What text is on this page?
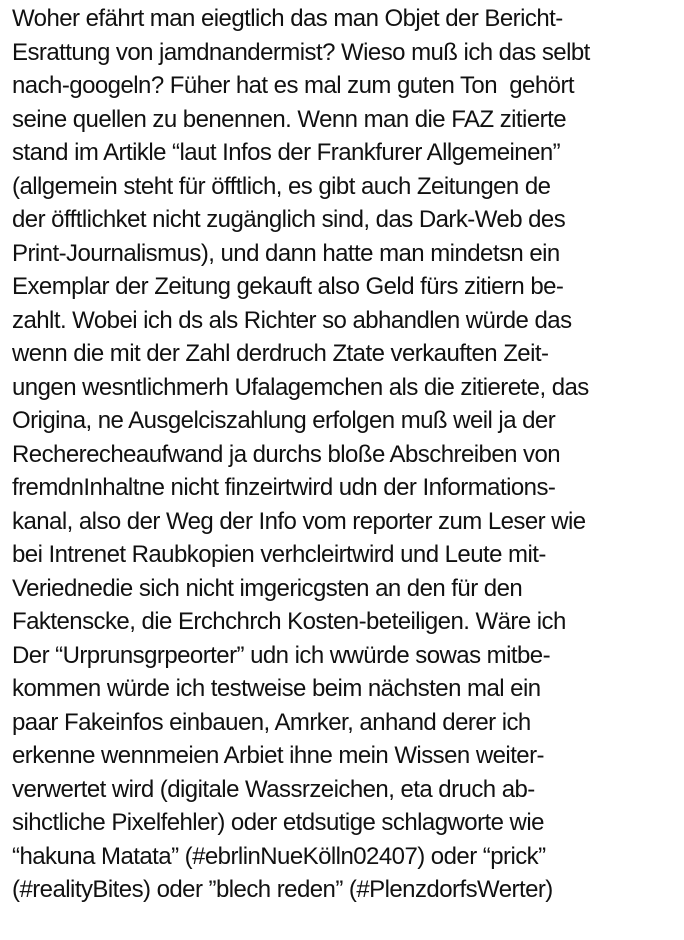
Woher efährt man eiegtlich das man Objet der Bericht-
Esrattung von jamdnandermist? Wieso muß ich das selbt
nach-googeln? Füher hat es mal zum guten Ton  gehört
seine quellen zu benennen. Wenn man die FAZ zitierte
stand im Artikle “laut Infos der Frankfurer Allgemeinen”
(allgemein steht für öfftlich, es gibt auch Zeitungen de
der öfftlichket nicht zugänglich sind, das Dark-Web des
Print-Journalismus), und dann hatte man mindetsn ein
Exemplar der Zeitung gekauft also Geld fürs zitiern be-
zahlt. Wobei ich ds als Richter so abhandlen würde das
wenn die mit der Zahl derdruch Ztate verkauften Zeit-
ungen wesntlichmerh Ufalagemchen als die zitierete, das
Origina, ne Ausgelciszahlung erfolgen muß weil ja der
Recherecheaufwand ja durchs bloße Abschreiben von
fremdnInhaltne nicht finzeirtwird udn der Informations-
kanal, also der Weg der Info vom reporter zum Leser wie
bei Intrenet Raubkopien verhcleirtwird und Leute mit-
Veriednedie sich nicht imgericgsten an den für den
Faktenscke, die Erchchrch Kosten-beteiligen. Wäre ich
Der “Urprunsgrpeorter” udn ich wwürde sowas mitbe-
kommen würde ich testweise beim nächsten mal ein
paar Fakeinfos einbauen, Amrker, anhand derer ich
erkenne wennmeien Arbiet ihne mein Wissen weiter-
verwertet wird (digitale Wassrzeichen, eta druch ab-
sihctliche Pixelfehler) oder etdsutige schlagworte wie
“hakuna Matata” (#ebrlinNueKölln02407) oder “prick”
(#realityBites) oder ”blech reden” (#PlenzdorfsWerter)
